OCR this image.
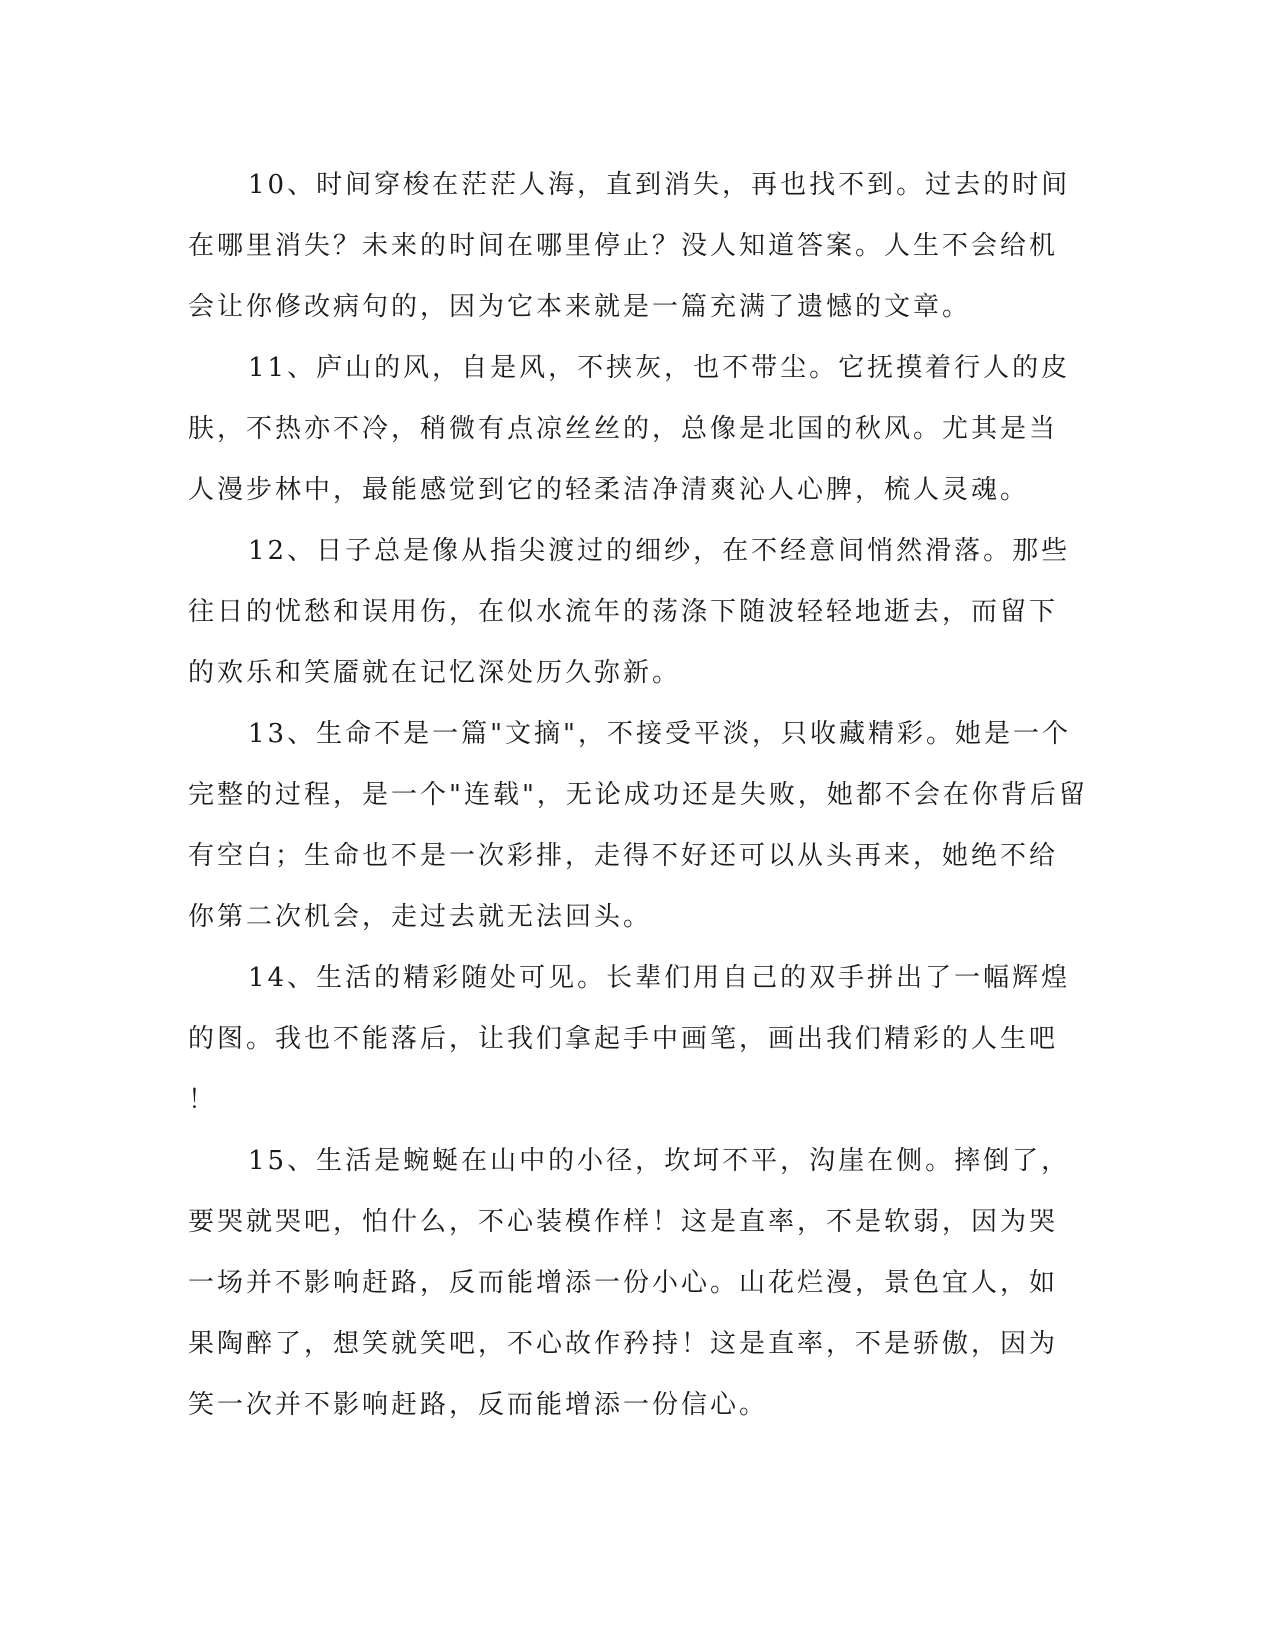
10、时间穿梭在茫茫人海，直到消失，再也找不到。过去的时间
在哪里消失？未来的时间在哪里停止？没人知道答案。人生不会给机
会让你修改病句的，因为它本来就是一篇充满了遗憾的文章。

11、庐山的风，自是风，不挟灰，也不带尘。它抚摸着行人的皮
肤，不热亦不冷，稍微有点凉丝丝的，总像是北国的秋风。尤其是当
人漫步林中，最能感觉到它的轻柔洁净清爽沁人心脾，梳人灵魂。

12、日子总是像从指尖渡过的细纱，在不经意间悄然滑落。那些
往日的忧愁和误用伤，在似水流年的荡涤下随波轻轻地逝去，而留下
的欢乐和笑靥就在记忆深处历久弥新。

13、生命不是一篇"文摘"，不接受平淡，只收藏精彩。她是一个
完整的过程，是一个"连载"，无论成功还是失败，她都不会在你背后留
有空白；生命也不是一次彩排，走得不好还可以从头再来，她绝不给
你第二次机会，走过去就无法回头。

14、生活的精彩随处可见。长辈们用自己的双手拼出了一幅辉煌
的图。我也不能落后，让我们拿起手中画笔，画出我们精彩的人生吧
！

15、生活是蜿蜒在山中的小径，坎坷不平，沟崖在侧。摔倒了，
要哭就哭吧，怕什么，不心装模作样！这是直率，不是软弱，因为哭
一场并不影响赶路，反而能增添一份小心。山花烂漫，景色宜人，如
果陶醉了，想笑就笑吧，不心故作矜持！这是直率，不是骄傲，因为
笑一次并不影响赶路，反而能增添一份信心。
